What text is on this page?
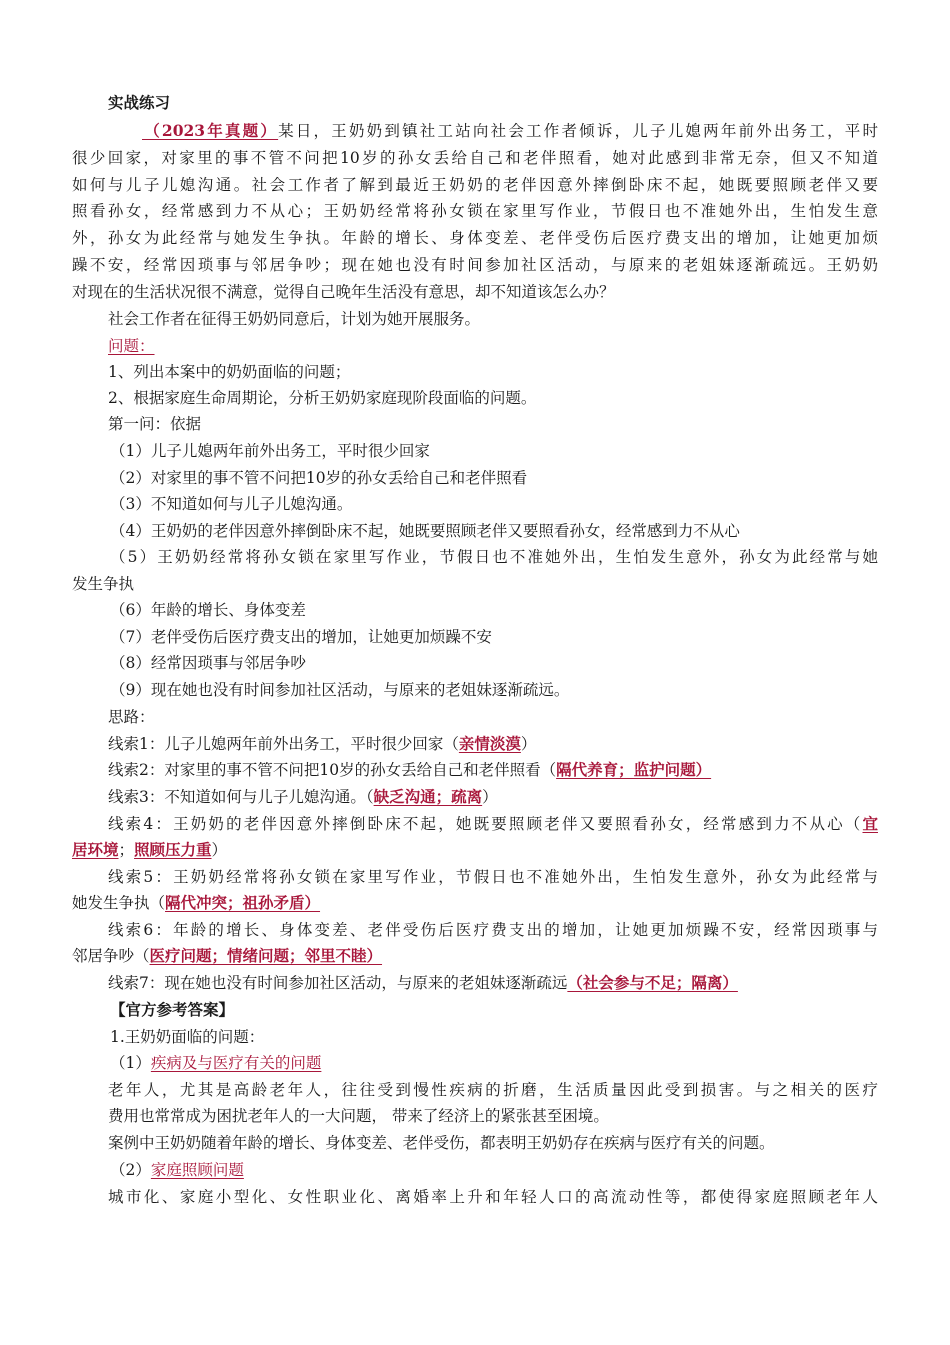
实战练习
（2023年真题）某日，王奶奶到镇社工站向社会工作者倾诉，儿子儿媳两年前外出务工，平时
很少回家，对家里的事不管不问把10岁的孙女丢给自己和老伴照看，她对此感到非常无奈，但又不知道
如何与儿子儿媳沟通。社会工作者了解到最近王奶奶的老伴因意外摔倒卧床不起，她既要照顾老伴又要
照看孙女，经常感到力不从心；王奶奶经常将孙女锁在家里写作业，节假日也不准她外出，生怕发生意
外，孙女为此经常与她发生争执。年龄的增长、身体变差、老伴受伤后医疗费支出的增加，让她更加烦
躁不安，经常因琐事与邻居争吵；现在她也没有时间参加社区活动，与原来的老姐妹逐渐疏远。王奶奶
对现在的生活状况很不满意，觉得自己晚年生活没有意思，却不知道该怎么办？
社会工作者在征得王奶奶同意后，计划为她开展服务。
问题：
1、列出本案中的奶奶面临的问题；
2、根据家庭生命周期论，分析王奶奶家庭现阶段面临的问题。
第一问：依据
（1）儿子儿媳两年前外出务工，平时很少回家
（2）对家里的事不管不问把10岁的孙女丢给自己和老伴照看
（3）不知道如何与儿子儿媳沟通。
（4）王奶奶的老伴因意外摔倒卧床不起，她既要照顾老伴又要照看孙女，经常感到力不从心
（5）王奶奶经常将孙女锁在家里写作业，节假日也不准她外出，生怕发生意外，孙女为此经常与她
发生争执
（6）年龄的增长、身体变差
（7）老伴受伤后医疗费支出的增加，让她更加烦躁不安
（8）经常因琐事与邻居争吵
（9）现在她也没有时间参加社区活动，与原来的老姐妹逐渐疏远。
思路：
线索1：儿子儿媳两年前外出务工，平时很少回家（亲情淡漠）
线索2：对家里的事不管不问把10岁的孙女丢给自己和老伴照看（隔代养育；监护问题）
线索3：不知道如何与儿子儿媳沟通。（缺乏沟通；疏离）
线索4：王奶奶的老伴因意外摔倒卧床不起，她既要照顾老伴又要照看孙女，经常感到力不从心（宜
居环境；照顾压力重）
线索5：王奶奶经常将孙女锁在家里写作业，节假日也不准她外出，生怕发生意外，孙女为此经常与
她发生争执（隔代冲突；祖孙矛盾）
线索6：年龄的增长、身体变差、老伴受伤后医疗费支出的增加，让她更加烦躁不安，经常因琐事与
邻居争吵（医疗问题；情绪问题；邻里不睦）
线索7：现在她也没有时间参加社区活动，与原来的老姐妹逐渐疏远（社会参与不足；隔离）
【官方参考答案】
1.王奶奶面临的问题：
（1）疾病及与医疗有关的问题
老年人，尤其是高龄老年人，往往受到慢性疾病的折磨，生活质量因此受到损害。与之相关的医疗
费用也常常成为困扰老年人的一大问题， 带来了经济上的紧张甚至困境。
案例中王奶奶随着年龄的增长、身体变差、老伴受伤，都表明王奶奶存在疾病与医疗有关的问题。
（2）家庭照顾问题
城市化、家庭小型化、女性职业化、离婚率上升和年轻人口的高流动性等，都使得家庭照顾老年人
